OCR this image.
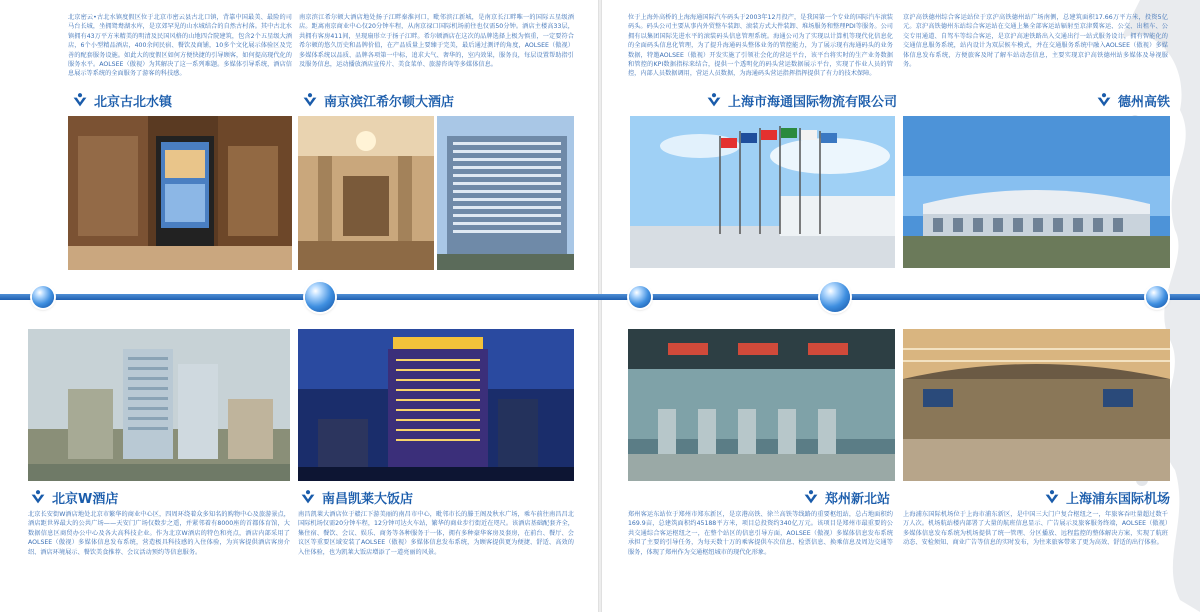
北京密云•古北水镇度假区位于北京市密云县古北口镇，背靠中国最美、最险的司马台长城，坐拥鸳鸯湖水库，是京郊罕见的山水城结合的自然古村落。其中古北水镇拥有43万平方米精美的明清及民国风格的山地四合院建筑，包含2个五星级大酒店，6个小型精品酒店，400余间民宿、餐饮及商铺，10多个文化展示体验区及完善的配套服务设施。如此大的度假区如何方便快捷的引导顾客，如何提高现代化的服务水平。AOLSEE（傲视）为其解决了这一系列难题。多媒体引导系统，酒店信息展示等系统的全面服务了游客的科技感。

北京古北水镇

南京滨江希尔顿大酒店地处扬子江畔秦淮河口，毗邻滨江新城，是南京长江畔唯一的国际五星级酒店。距离南京商业中心仅20分钟车程，从南京禄口国际机场前往也仅需50分钟。酒店主楼高33层，共拥有客房411间，呈现扇形立于扬子江畔。希尔顿酒店在这次的品牌选择上极为慎重，一定要符合希尔顿的悠久历史和品牌价值，在产品质量上要臻于完美，最后通过测评的角度，AOLSEE（傲视）多媒体系统以品质、品牌各项第一中标，追求大气、奢华的，室内效果，服务良，每层设置帮助指引及服务信息，运动播放酒店宣传片、美食菜单、旅游咨询等多媒体信息。

南京滨江希尔顿大酒店

位于上海外高桥的上海海通国际汽车码头于2003年12月投产，是我国第一个专业的国际汽车滚装码头。码头公司主要从事内外贸整车装卸、滚装方式大件装卸、堆场服务和整理PDI等服务。公司拥有以集团国际先进水平的滚装码头信息管理系统。海通公司为了实现以计算机等现代化信息化的全面码头信息化管理，为了提升海通码头整体业务的管控能力，为了展示现有海通码头的业务数据，特邀AOLSEE（傲视）开发实施了引领社会化的营运平台，该平台将实时的生产业务数据和管控的KPI数据指标来结合，提供一个透明化的码头营运数据展示平台，实现了作业人员的管控，内部人员数据调用，营运人员数据，为海通码头营运指挥指挥提供了有力的技术保障。

上海市海通国际物流有限公司

京沪高铁德州综合客运站位于京沪高铁德州站广场南侧，总建筑面积17.66万平方米，投资5亿元。京沪高铁德州东站综合客运站在交通上集全部客运站辐射至京津冀客运、公交、出租车、公交专用通道、自驾车等综合客运，是京沪高速铁路出入交通出行一站式服务设计，拥有智能化的交通信息服务系统，站内设计为双层候车模式，并在交通服务系统中融入AOLSEE（傲视）多媒体信息发布系统，方便旅客及时了解车站动态信息，主要实现京沪高铁德州站多媒体及导视服务。

德州高铁
北京W酒店

北京长安街W酒店地处北京市繁华的商业中心区，四周环绕着众多知名的购物中心及旅游景点，酒店距世界最大的公共广场——天安门广场仅数步之遥，并紧邻着有8000座的首都体育馆，大数据信息区商贸办公中心及各大高科技企业。作为北京W酒店的特色和亮点，酒店内部采用了AOLSEE（傲视）多媒体信息发布系统，营造极具科技感的入住体验，为宾客提供酒店客房介绍、酒店环境展示、餐饮美食推荐、会议活动预约等信息服务。

南昌凯莱大饭店

南昌凯莱大酒店位于赣江下游美丽的南昌市中心，毗邻市长的滕王阁及秋水广场，乘车前往南昌昌北国际机场仅需20分钟车程，12分钟可达火车站，繁华的商业步行街近在咫尺。该酒店基础配套齐全，集住宿、餐饮、会议、娱乐、商务等各种服务于一体，拥有多种豪华客房及套房，在前台、餐厅、会议区等重要区域安装了AOLSEE（傲视）多媒体信息发布系统，为顾客提供更为便捷、舒适、高效的入住体验，也为凯莱大饭店增添了一道亮丽的风景。

郑州新北站

郑州客运东站位于郑州市郑东新区，是京港高铁、徐兰高铁等线路的重要枢纽站，总占地面积约169.9亩，总建筑面积约45188平方米，项目总投资约340亿万元。该项目是郑州市最重要的公共交通综合客运枢纽之一，在整个站区的信息引导方面，AOLSEE（傲视）多媒体信息发布系统承担了主要的引导任务，为每天数十万的乘客提供车次信息、检票信息、换乘信息及周边交通等服务，体现了郑州作为交通枢纽城市的现代化形象。

上海浦东国际机场

上海浦东国际机场位于上海市浦东新区，是中国三大门户复合枢纽之一，年旅客吞吐量超过数千万人次。机场航站楼内部署了大量的航班信息显示、广告展示及旅客服务终端，AOLSEE（傲视）多媒体信息发布系统为机场提供了统一管理、分区播放、远程监控的整体解决方案，实现了航班动态、安检须知、商业广告等信息的实时发布，为往来旅客带来了更为高效、舒适的出行体验。
